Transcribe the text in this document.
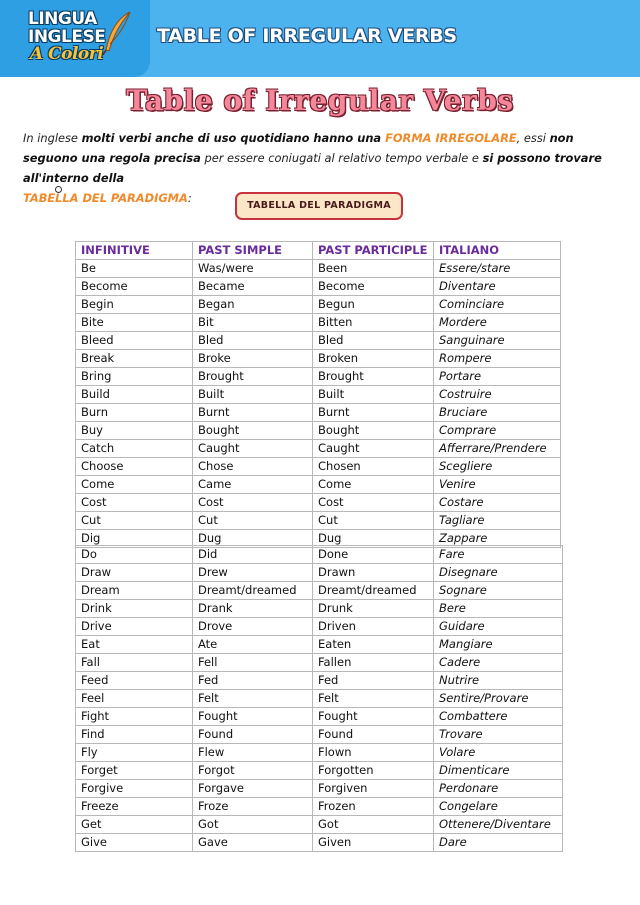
LINGUA
INGLESE
A Colori
TABLE OF IRREGULAR VERBS
Table of Irregular Verbs
In inglese molti verbi anche di uso quotidiano hanno una FORMA IRREGOLARE, essi non seguono una regola precisa per essere coniugati al relativo tempo verbale e si possono trovare all'interno della
TABELLA DEL PARADIGMA:
TABELLA DEL PARADIGMA
INFINITIVE	PAST SIMPLE	PAST PARTICIPLE	ITALIANO
Be	Was/were	Been	Essere/stare
Become	Became	Become	Diventare
Begin	Began	Begun	Cominciare
Bite	Bit	Bitten	Mordere
Bleed	Bled	Bled	Sanguinare
Break	Broke	Broken	Rompere
Bring	Brought	Brought	Portare
Build	Built	Built	Costruire
Burn	Burnt	Burnt	Bruciare
Buy	Bought	Bought	Comprare
Catch	Caught	Caught	Afferrare/Prendere
Choose	Chose	Chosen	Scegliere
Come	Came	Come	Venire
Cost	Cost	Cost	Costare
Cut	Cut	Cut	Tagliare
Dig	Dug	Dug	Zappare
Do	Did	Done	Fare
Draw	Drew	Drawn	Disegnare
Dream	Dreamt/dreamed	Dreamt/dreamed	Sognare
Drink	Drank	Drunk	Bere
Drive	Drove	Driven	Guidare
Eat	Ate	Eaten	Mangiare
Fall	Fell	Fallen	Cadere
Feed	Fed	Fed	Nutrire
Feel	Felt	Felt	Sentire/Provare
Fight	Fought	Fought	Combattere
Find	Found	Found	Trovare
Fly	Flew	Flown	Volare
Forget	Forgot	Forgotten	Dimenticare
Forgive	Forgave	Forgiven	Perdonare
Freeze	Froze	Frozen	Congelare
Get	Got	Got	Ottenere/Diventare
Give	Gave	Given	Dare
